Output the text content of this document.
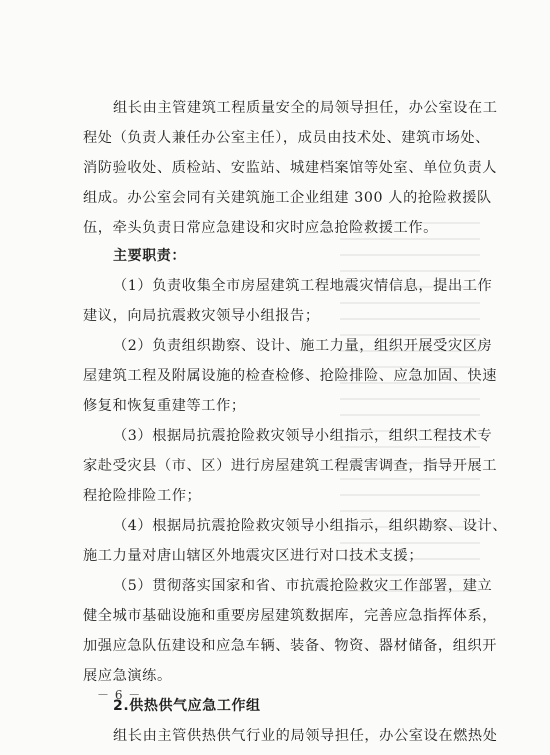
组长由主管建筑工程质量安全的局领导担任，办公室设在工
程处（负责人兼任办公室主任），成员由技术处、建筑市场处、
消防验收处、质检站、安监站、城建档案馆等处室、单位负责人
组成。办公室会同有关建筑施工企业组建 300 人的抢险救援队
伍，牵头负责日常应急建设和灾时应急抢险救援工作。
主要职责：
（1）负责收集全市房屋建筑工程地震灾情信息，提出工作
建议，向局抗震救灾领导小组报告；
（2）负责组织勘察、设计、施工力量，组织开展受灾区房
屋建筑工程及附属设施的检查检修、抢险排险、应急加固、快速
修复和恢复重建等工作；
（3）根据局抗震抢险救灾领导小组指示，组织工程技术专
家赴受灾县（市、区）进行房屋建筑工程震害调查，指导开展工
程抢险排险工作；
（4）根据局抗震抢险救灾领导小组指示，组织勘察、设计、
施工力量对唐山辖区外地震灾区进行对口技术支援；
（5）贯彻落实国家和省、市抗震抢险救灾工作部署，建立
健全城市基础设施和重要房屋建筑数据库，完善应急指挥体系，
加强应急队伍建设和应急车辆、装备、物资、器材储备，组织开
展应急演练。
2.供热供气应急工作组
组长由主管供热供气行业的局领导担任，办公室设在燃热处
－ 6 －
